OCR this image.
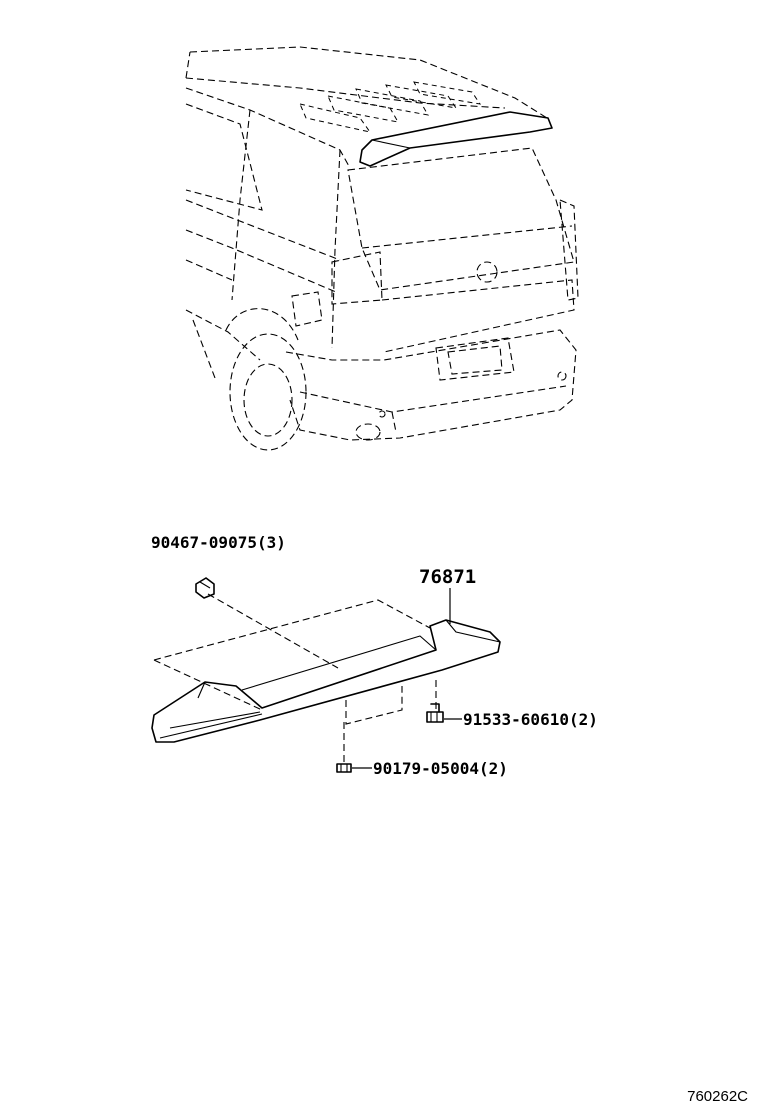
90467-09075(3)
76871
91533-60610(2)
90179-05004(2)
760262C
